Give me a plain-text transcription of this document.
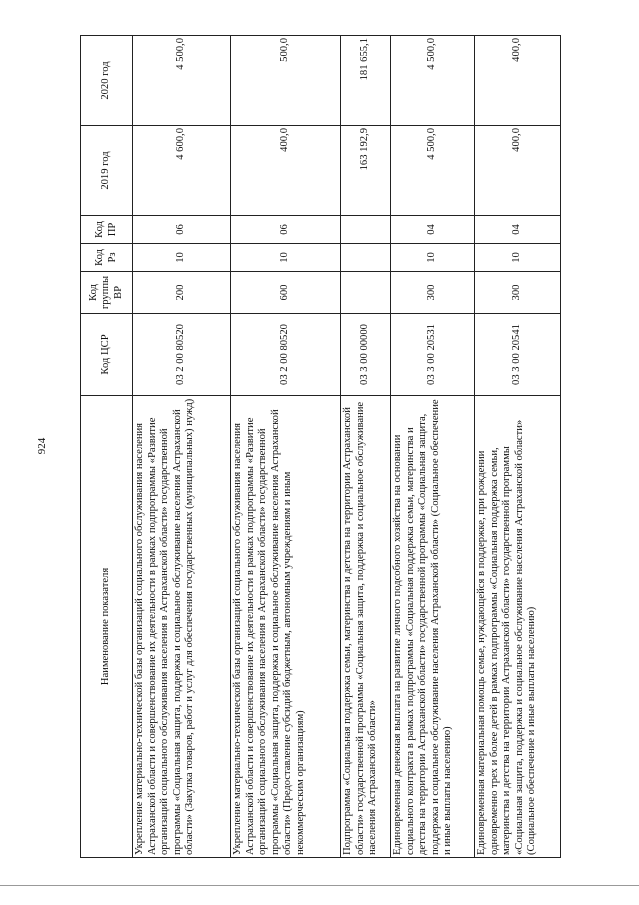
924
Наименование показателя	Код ЦСР	Код группы ВР	Код Рз	Код ПР	2019 год	2020 год
Укрепление материально-технической базы организаций социального обслуживания населения Астраханской области и совершенствование их деятельности в рамках подпрограммы «Развитие организаций социального обслуживания населения в Астраханской области» государственной программы «Социальная защита, поддержка и социальное обслуживание населения Астраханской области» (Закупка товаров, работ и услуг для обеспечения государственных (муниципальных) нужд)	03 2 00 80520	200	10	06	4 600,0	4 500,0
Укрепление материально-технической базы организаций социального обслуживания населения Астраханской области и совершенствование их деятельности в рамках подпрограммы «Развитие организаций социального обслуживания населения в Астраханской области» государственной программы «Социальная защита, поддержка и социальное обслуживание населения Астраханской области» (Предоставление субсидий бюджетным, автономным учреждениям и иным некоммерческим организациям)	03 2 00 80520	600	10	06	400,0	500,0
Подпрограмма «Социальная поддержка семьи, материнства и детства на территории Астраханской области» государственной программы «Социальная защита, поддержка и социальное обслуживание населения Астраханской области»	03 3 00 00000				163 192,9	181 655,1
Единовременная денежная выплата на развитие личного подсобного хозяйства на основании социального контракта в рамках подпрограммы «Социальная поддержка семьи, материнства и детства на территории Астраханской области» государственной программы «Социальная защита, поддержка и социальное обслуживание населения Астраханской области» (Социальное обеспечение и иные выплаты населению)	03 3 00 20531	300	10	04	4 500,0	4 500,0
Единовременная материальная помощь семье, нуждающейся в поддержке, при рождении одновременно трех и более детей в рамках подпрограммы «Социальная поддержка семьи, материнства и детства на территории Астраханской области» государственной программы «Социальная защита, поддержка и социальное обслуживание населения Астраханской области» (Социальное обеспечение и иные выплаты населению)	03 3 00 20541	300	10	04	400,0	400,0
